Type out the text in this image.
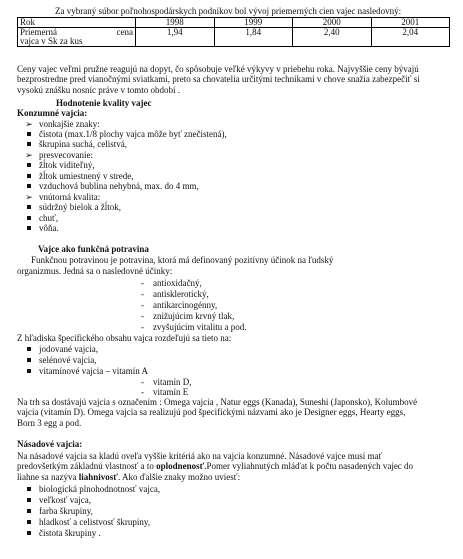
Za vybraný súbor poľnohospodárskych podnikov bol vývoj priemerných cien vajec nasledovný:
Rok	1998	1999	2000	2001

Priemerná cena
vajca v Sk za kus	1,94	1,84	2,40	2,04
Ceny vajec veľmi pružne reagujú na dopyt, čo spôsobuje veľké výkyvy v priebehu roka. Najvyššie ceny bývajú
bezprostredne pred vianočnými sviatkami, preto sa chovatelia určitými technikami v chove snažia zabezpečiť si
vysokú znášku nosníc práve v tomto období .
Hodnotenie kvality vajec
Konzumné vajcia:
➢ vonkajšie znaky:
čistota (max.1/8 plochy vajca môže byť znečistená),
škrupina suchá, celistvá,
➢ presvecovanie:
žĺtok viditeľný,
žĺtok umiestnený v strede,
vzduchová bublina nehybná, max. do 4 mm,
➢ vnútorná kvalita:
súdržný bielok a žĺtok,
chuť,
vôňa.
Vajce ako funkčná potravina
Funkčnou potravinou je potravina, ktorá má definovaný pozitívny účinok na ľudský
organizmus. Jedná sa o nasledovné účinky:
- antioxidačný,
- antisklerotický,
- antikarcinogénny,
- znižujúcim krvný tlak,
- zvyšujúcim vitalitu a pod.
Z hľadiska špecifického obsahu vajca rozdeľujú sa tieto na:
jodované vajcia,
selénové vajcia,
vitamínové vajcia – vitamín A
- vitamín D,
- vitamín E
Na trh sa dostávajú vajcia s označením : Omega vajcia , Natur eggs (Kanada), Suneshi (Japonsko), Kolumbové
vajcia (vitamín D). Omega vajcia sa realizujú pod špecifickými názvami ako je Designer eggs, Hearty eggs,
Born 3 egg a pod.
Násadové vajcia:
Na násadové vajcia sa kladú oveľa vyššie kritériá ako na vajcia konzumné. Násadové vajce musí mať
predovšetkým základnú vlastnosť a to oplodnenosť.Pomer vyliahnutých mláďat k počtu nasadených vajec do
liahne sa nazýva liahnivosť. Ako ďalšie znaky možno uviesť:
biologická plnohodnotnosť vajca,
veľkosť vajca,
farba škrupiny,
hladkosť a celistvosť škrupiny,
čistota škrupiny .
